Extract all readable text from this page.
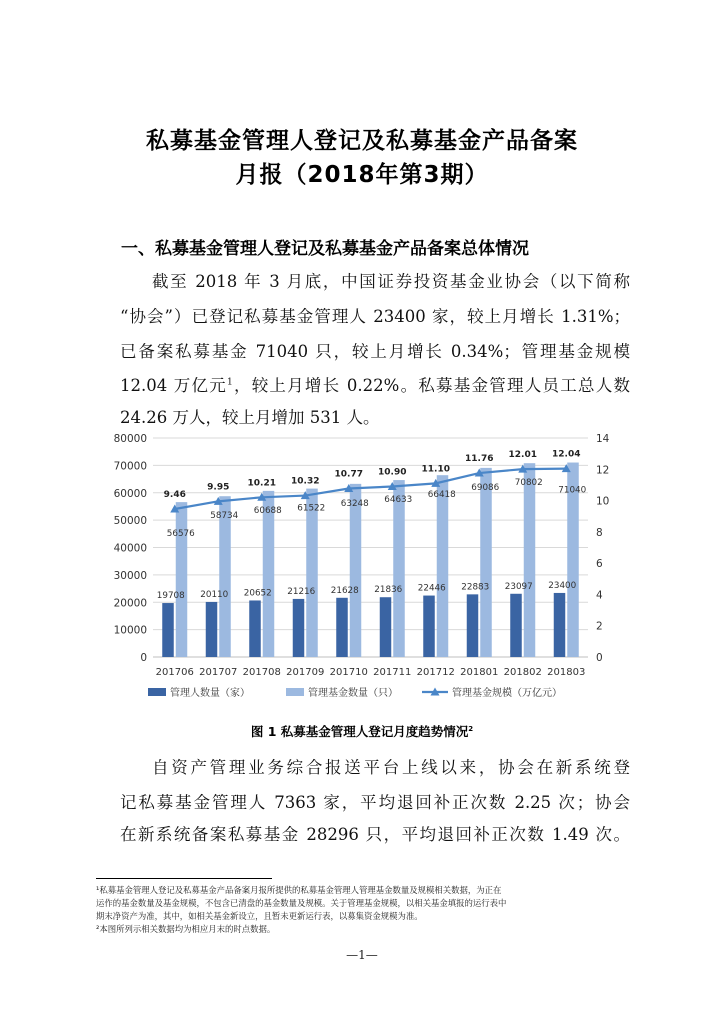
私募基金管理人登记及私募基金产品备案
月报（2018年第3期）
一、私募基金管理人登记及私募基金产品备案总体情况
截至 2018 年 3 月底，中国证券投资基金业协会（以下简称
“协会”）已登记私募基金管理人 23400 家，较上月增长 1.31%；
已备案私募基金 71040 只，较上月增长 0.34%；管理基金规模
12.04 万亿元$^1$，较上月增长 0.22%。私募基金管理人员工总人数
24.26 万人，较上月增加 531 人。
0
10000
20000
30000
40000
50000
60000
70000
80000
0
2
4
6
8
10
12
14
201706
19708
56576
201707
20110
58734
201708
20652
60688
201709
21216
61522
201710
21628
63248
201711
21836
64633
201712
22446
66418
201801
22883
69086
201802
23097
70802
201803
23400
71040
9.46
9.95 10.21 10.32
10.77 10.90 11.10
11.76 12.01 12.04
管理人数量（家）	管理基金数量（只）	管理基金规模（万亿元）
图 1 私募基金管理人登记月度趋势情况$^2$
自资产管理业务综合报送平台上线以来，协会在新系统登
记私募基金管理人 7363 家，平均退回补正次数 2.25 次；协会
在新系统备案私募基金 28296 只，平均退回补正次数 1.49 次。
¹私募基金管理人登记及私募基金产品备案月报所提供的私募基金管理人管理基金数量及规模相关数据，为正在
运作的基金数量及基金规模，不包含已清盘的基金数量及规模。关于管理基金规模，以相关基金填报的运行表中
期末净资产为准，其中，如相关基金新设立，且暂未更新运行表，以募集资金规模为准。
²本图所列示相关数据均为相应月末的时点数据。
—1—
